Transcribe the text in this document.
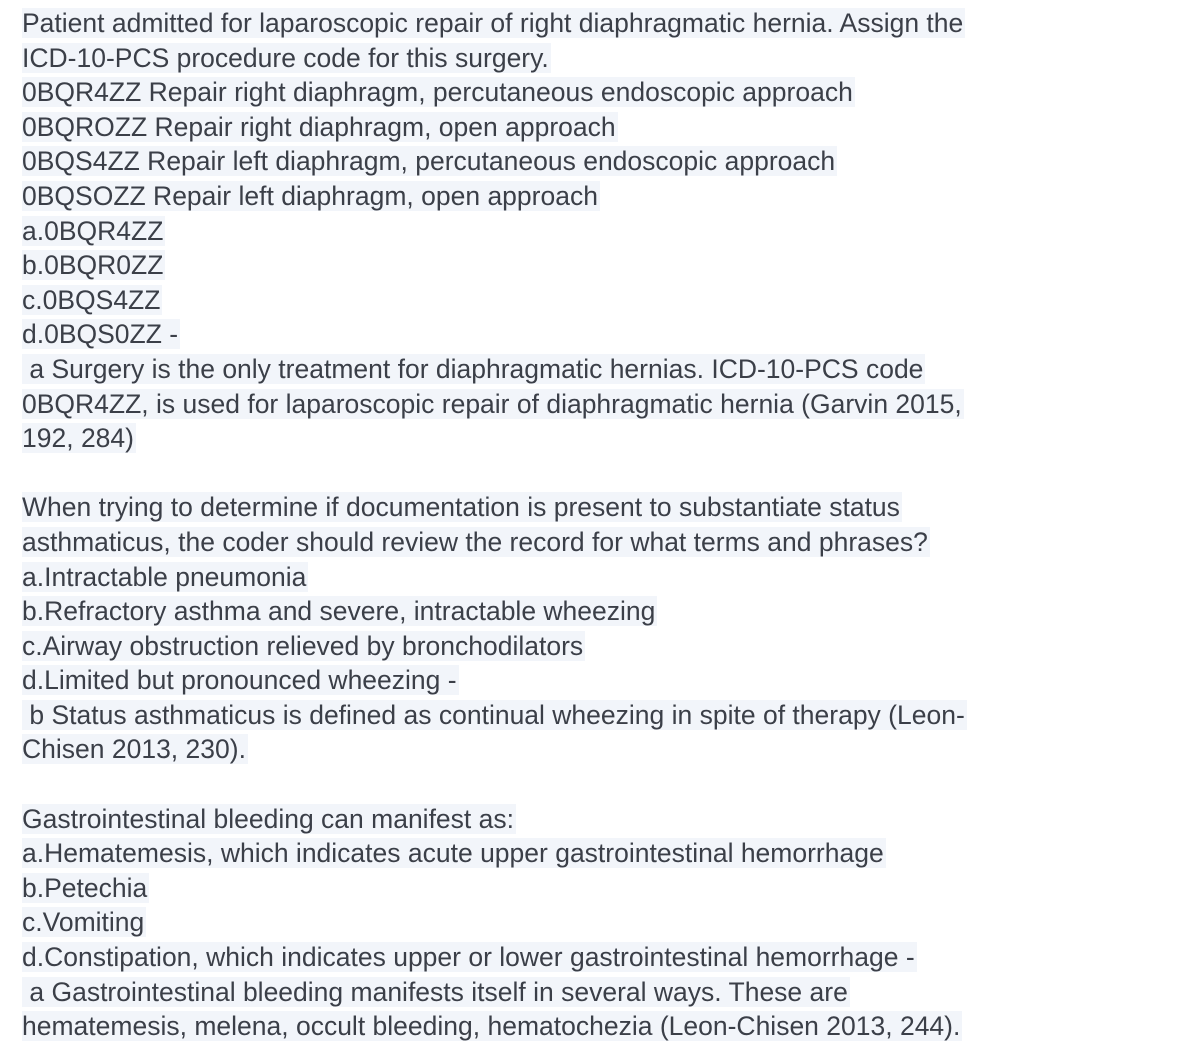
Patient admitted for laparoscopic repair of right diaphragmatic hernia. Assign the
ICD-10-PCS procedure code for this surgery.
0BQR4ZZ Repair right diaphragm, percutaneous endoscopic approach
0BQROZZ Repair right diaphragm, open approach
0BQS4ZZ Repair left diaphragm, percutaneous endoscopic approach
0BQSOZZ Repair left diaphragm, open approach
a.0BQR4ZZ
b.0BQR0ZZ
c.0BQS4ZZ
d.0BQS0ZZ -
a Surgery is the only treatment for diaphragmatic hernias. ICD-10-PCS code
0BQR4ZZ, is used for laparoscopic repair of diaphragmatic hernia (Garvin 2015,
192, 284)
When trying to determine if documentation is present to substantiate status
asthmaticus, the coder should review the record for what terms and phrases?
a.Intractable pneumonia
b.Refractory asthma and severe, intractable wheezing
c.Airway obstruction relieved by bronchodilators
d.Limited but pronounced wheezing -
b Status asthmaticus is defined as continual wheezing in spite of therapy (Leon-
Chisen 2013, 230).
Gastrointestinal bleeding can manifest as:
a.Hematemesis, which indicates acute upper gastrointestinal hemorrhage
b.Petechia
c.Vomiting
d.Constipation, which indicates upper or lower gastrointestinal hemorrhage -
a Gastrointestinal bleeding manifests itself in several ways. These are
hematemesis, melena, occult bleeding, hematochezia (Leon-Chisen 2013, 244).
